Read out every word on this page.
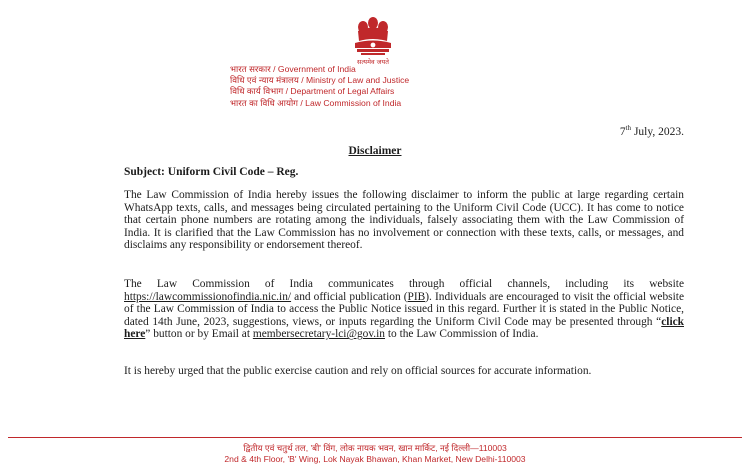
सत्यमेव जयते
भारत सरकार / Government of India
विधि एवं न्याय मंत्रालय / Ministry of Law and Justice
विधि कार्य विभाग / Department of Legal Affairs
भारत का विधि आयोग / Law Commission of India
7th July, 2023.
Disclaimer
Subject: Uniform Civil Code – Reg.
The Law Commission of India hereby issues the following disclaimer to inform the public at large regarding certain WhatsApp texts, calls, and messages being circulated pertaining to the Uniform Civil Code (UCC). It has come to notice that certain phone numbers are rotating among the individuals, falsely associating them with the Law Commission of India. It is clarified that the Law Commission has no involvement or connection with these texts, calls, or messages, and disclaims any responsibility or endorsement thereof.
The Law Commission of India communicates through official channels, including its website https://lawcommissionofindia.nic.in/ and official publication (PIB). Individuals are encouraged to visit the official website of the Law Commission of India to access the Public Notice issued in this regard. Further it is stated in the Public Notice, dated 14th June, 2023, suggestions, views, or inputs regarding the Uniform Civil Code may be presented through “click here” button or by Email at membersecretary-lci@gov.in to the Law Commission of India.
It is hereby urged that the public exercise caution and rely on official sources for accurate information.
द्वितीय एवं चतुर्थ तल, 'बी' विंग, लोक नायक भवन, खान मार्किट, नई दिल्ली—110003
2nd & 4th Floor, 'B' Wing, Lok Nayak Bhawan, Khan Market, New Delhi-110003
